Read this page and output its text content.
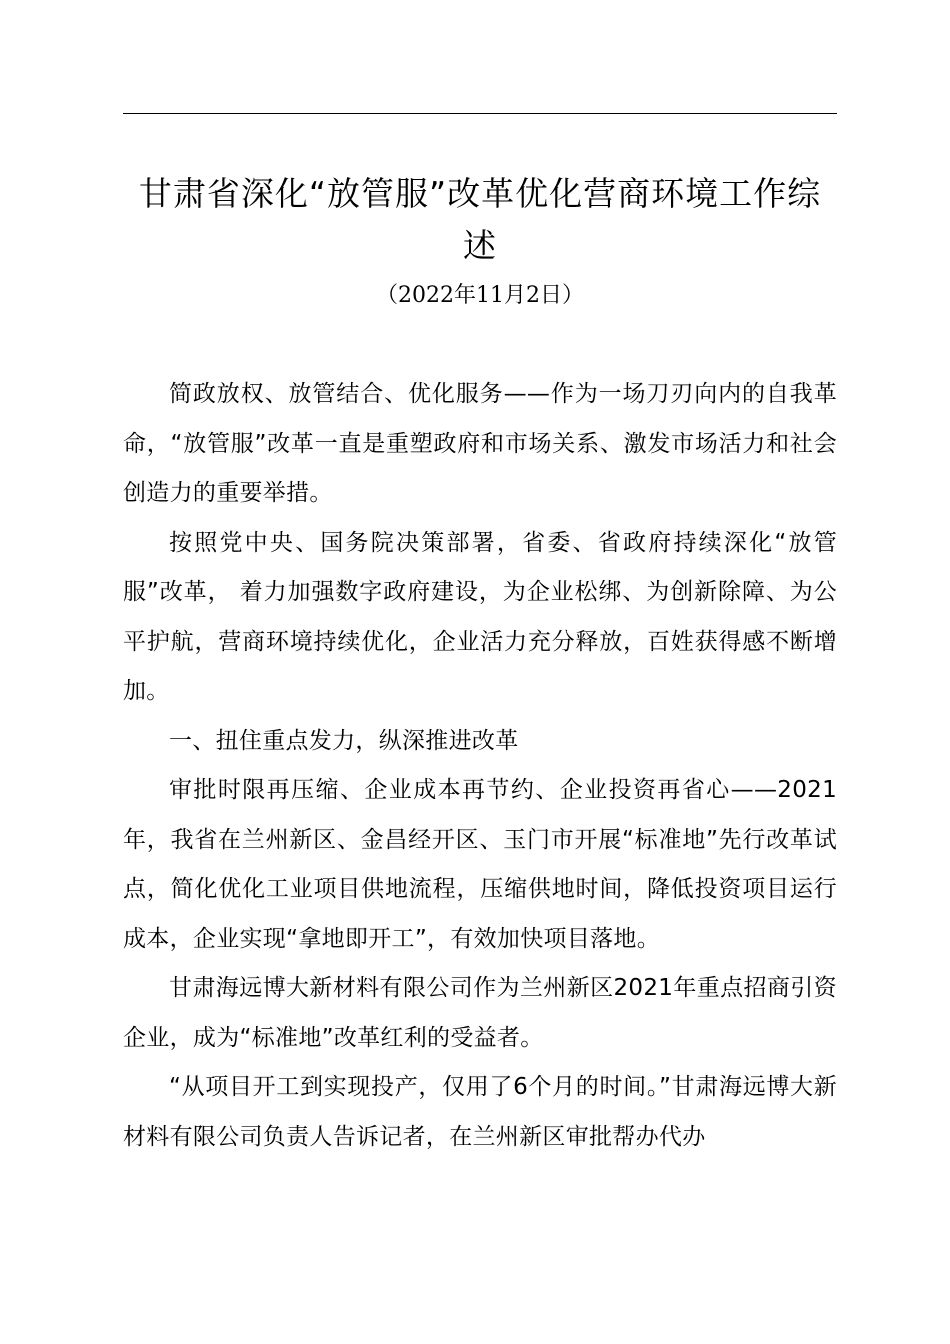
甘肃省深化“放管服”改革优化营商环境工作综述
（2022年11月2日）

简政放权、放管结合、优化服务——作为一场刀刃向内的自我革命，“放管服”改革一直是重塑政府和市场关系、激发市场活力和社会创造力的重要举措。

按照党中央、国务院决策部署，省委、省政府持续深化“放管服”改革， 着力加强数字政府建设，为企业松绑、为创新除障、为公平护航，营商环境持续优化，企业活力充分释放，百姓获得感不断增加。

一、扭住重点发力，纵深推进改革

审批时限再压缩、企业成本再节约、企业投资再省心——2021年，我省在兰州新区、金昌经开区、玉门市开展“标准地”先行改革试点，简化优化工业项目供地流程，压缩供地时间，降低投资项目运行成本，企业实现“拿地即开工”，有效加快项目落地。

甘肃海远博大新材料有限公司作为兰州新区2021年重点招商引资企业，成为“标准地”改革红利的受益者。

“从项目开工到实现投产，仅用了6个月的时间。”甘肃海远博大新材料有限公司负责人告诉记者，在兰州新区审批帮办代办
